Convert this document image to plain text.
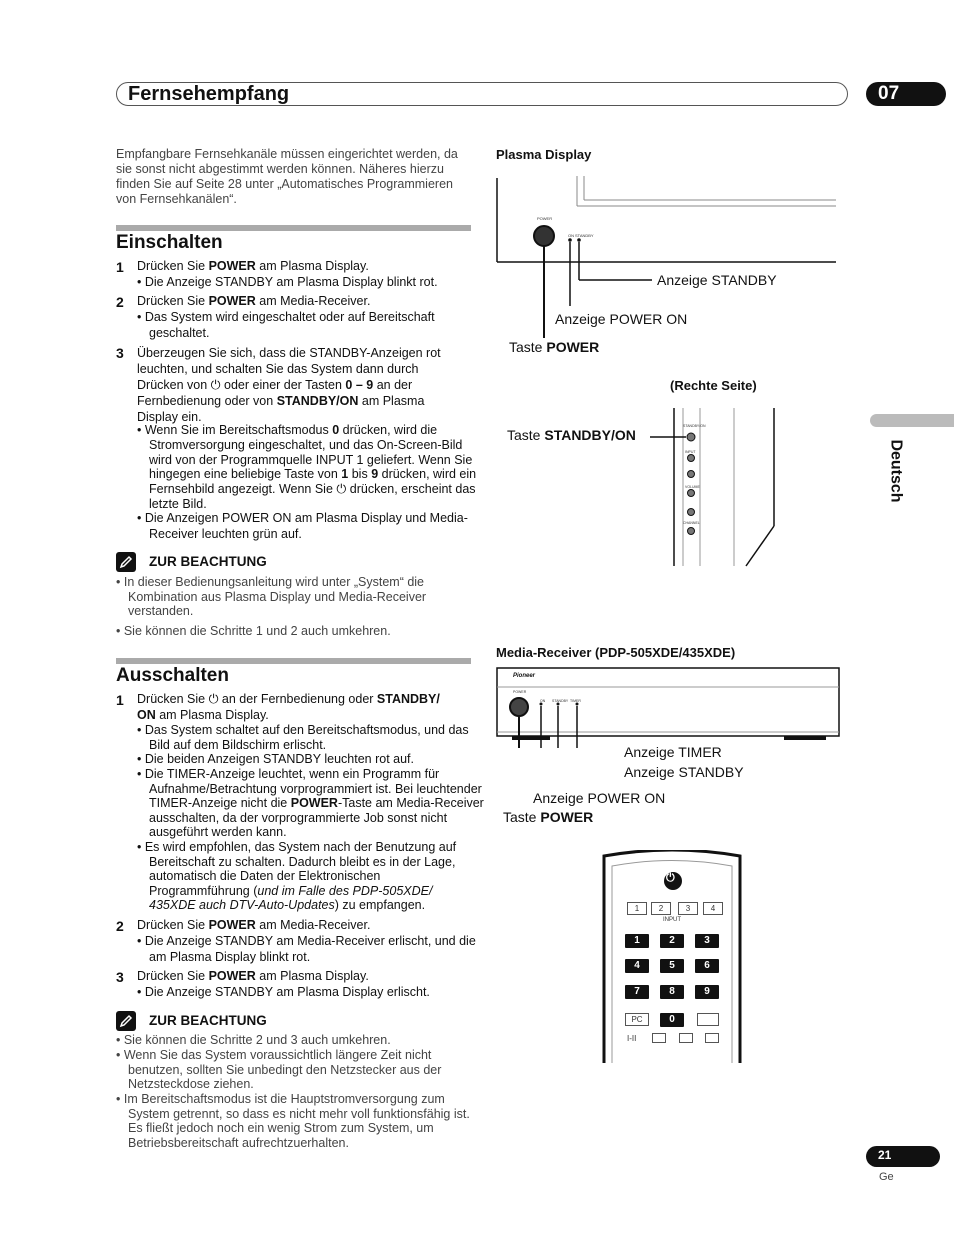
Fernsehempfang	07
Empfangbare Fernsehkanäle müssen eingerichtet werden, da sie sonst nicht abgestimmt werden können. Näheres hierzu finden Sie auf Seite 28 unter „Automatisches Programmieren von Fernsehkanälen“.
Einschalten
1 Drücken Sie POWER am Plasma Display.
• Die Anzeige STANDBY am Plasma Display blinkt rot.
2 Drücken Sie POWER am Media-Receiver.
• Das System wird eingeschaltet oder auf Bereitschaft geschaltet.
3 Überzeugen Sie sich, dass die STANDBY-Anzeigen rot
leuchten, und schalten Sie das System dann durch
Drücken von ⏻ oder einer der Tasten 0 – 9 an der
Fernbedienung oder von STANDBY/ON am Plasma
Display ein.
• Wenn Sie im Bereitschaftsmodus 0 drücken, wird die Stromversorgung eingeschaltet, und das On-Screen-Bild wird von der Programmquelle INPUT 1 geliefert. Wenn Sie hingegen eine beliebige Taste von 1 bis 9 drücken, wird ein Fernsehbild angezeigt. Wenn Sie ⏻ drücken, erscheint das letzte Bild.
• Die Anzeigen POWER ON am Plasma Display und Media-Receiver leuchten grün auf.
ZUR BEACHTUNG
• In dieser Bedienungsanleitung wird unter „System“ die Kombination aus Plasma Display und Media-Receiver verstanden.
• Sie können die Schritte 1 und 2 auch umkehren.
Ausschalten
1 Drücken Sie ⏻ an der Fernbedienung oder STANDBY/
ON am Plasma Display.
• Das System schaltet auf den Bereitschaftsmodus, und das Bild auf dem Bildschirm erlischt.
• Die beiden Anzeigen STANDBY leuchten rot auf.
• Die TIMER-Anzeige leuchtet, wenn ein Programm für Aufnahme/Betrachtung vorprogrammiert ist. Bei leuchtender TIMER-Anzeige nicht die POWER-Taste am Media-Receiver ausschalten, da der vorprogrammierte Job sonst nicht ausgeführt werden kann.
• Es wird empfohlen, das System nach der Benutzung auf Bereitschaft zu schalten. Dadurch bleibt es in der Lage, automatisch die Daten der Elektronischen Programmführung (und im Falle des PDP-505XDE/ 435XDE auch DTV-Auto-Updates) zu empfangen.
2 Drücken Sie POWER am Media-Receiver.
• Die Anzeige STANDBY am Media-Receiver erlischt, und die am Plasma Display blinkt rot.
3 Drücken Sie POWER am Plasma Display.
• Die Anzeige STANDBY am Plasma Display erlischt.
ZUR BEACHTUNG
• Sie können die Schritte 2 und 3 auch umkehren.
• Wenn Sie das System voraussichtlich längere Zeit nicht benutzen, sollten Sie unbedingt den Netzstecker aus der Netzsteckdose ziehen.
• Im Bereitschaftsmodus ist die Hauptstromversorgung zum System getrennt, so dass es nicht mehr voll funktionsfähig ist. Es fließt jedoch noch ein wenig Strom zum System, um Betriebsbereitschaft aufrechtzuerhalten.
Plasma Display
POWER
ON STANDBY
Anzeige STANDBY
Anzeige POWER ON
Taste POWER
(Rechte Seite)
Taste STANDBY/ON
STANDBY/ON
INPUT
VOLUME
CHANNEL
Media-Receiver (PDP-505XDE/435XDE)
Pioneer
POWER
ON STANDBY TIMER
Anzeige TIMER
Anzeige STANDBY
Anzeige POWER ON
Taste POWER
⏻
1	2	3	4
INPUT
1	2	3
4	5	6
7	8	9
PC	0
I-II
Deutsch
21
Ge
